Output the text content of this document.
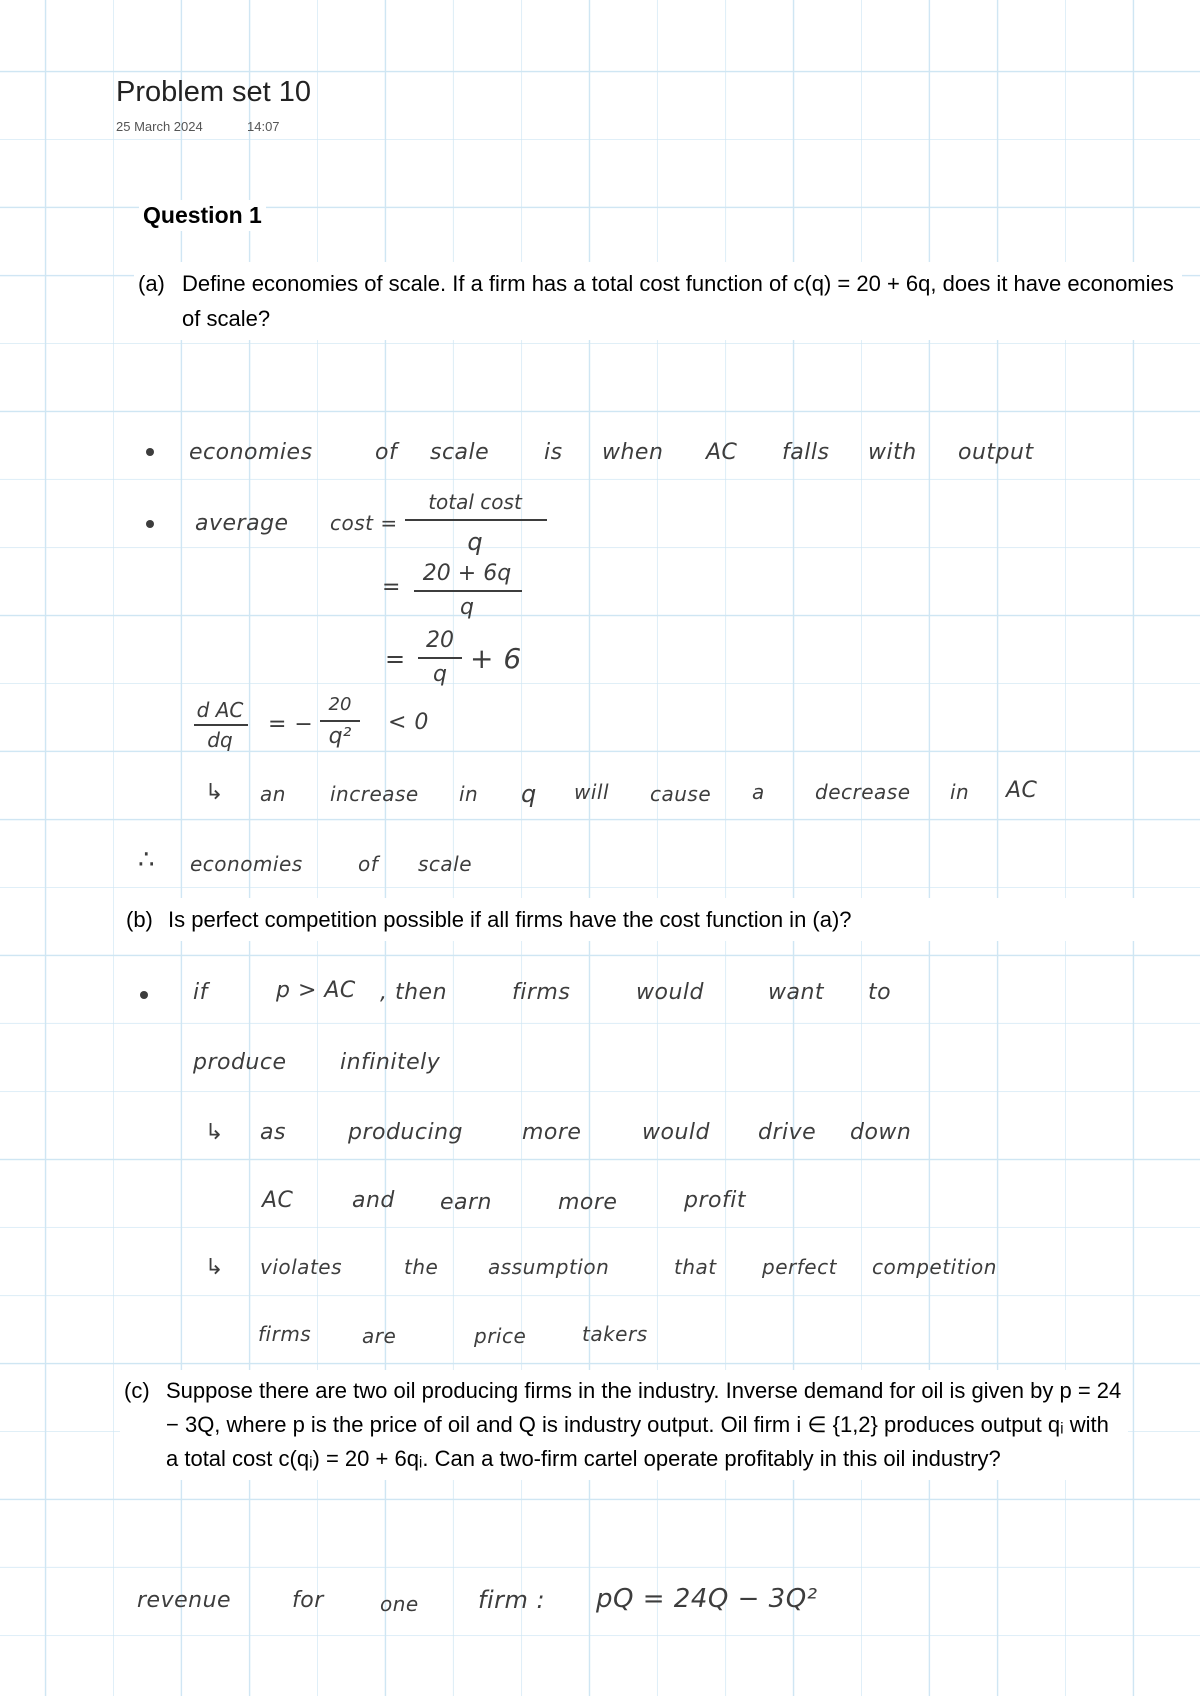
Problem set 10
25 March 2024	14:07
Question 1
(a) Define economies of scale. If a firm has a total cost function of c(q) = 20 + 6q, does it have economies of scale?
economies	of scale is when AC falls with output
average cost =
total cost
q
=
20 + 6q
q
=
20
q + 6
d AC
dq
= −
20
q²
< 0
↳ an increase in q will cause a	decrease in AC
∴ economies	of scale
(b) Is perfect competition possible if all firms have the cost function in (a)?
if	p > AC , then	firms	would	want to
produce infinitely
↳ as	producing	more	would drive down
AC	and earn	more	profit
↳ violates	the assumption	that perfect competition
firms	are	price	takers
(c) Suppose there are two oil producing firms in the industry. Inverse demand for oil is given by p = 24 − 3Q, where p is the price of oil and Q is industry output. Oil firm i ∈ {1,2} produces output qᵢ with a total cost c(qᵢ) = 20 + 6qᵢ. Can a two-firm cartel operate profitably in this oil industry?
revenue	for	one firm : pQ = 24Q − 3Q²
